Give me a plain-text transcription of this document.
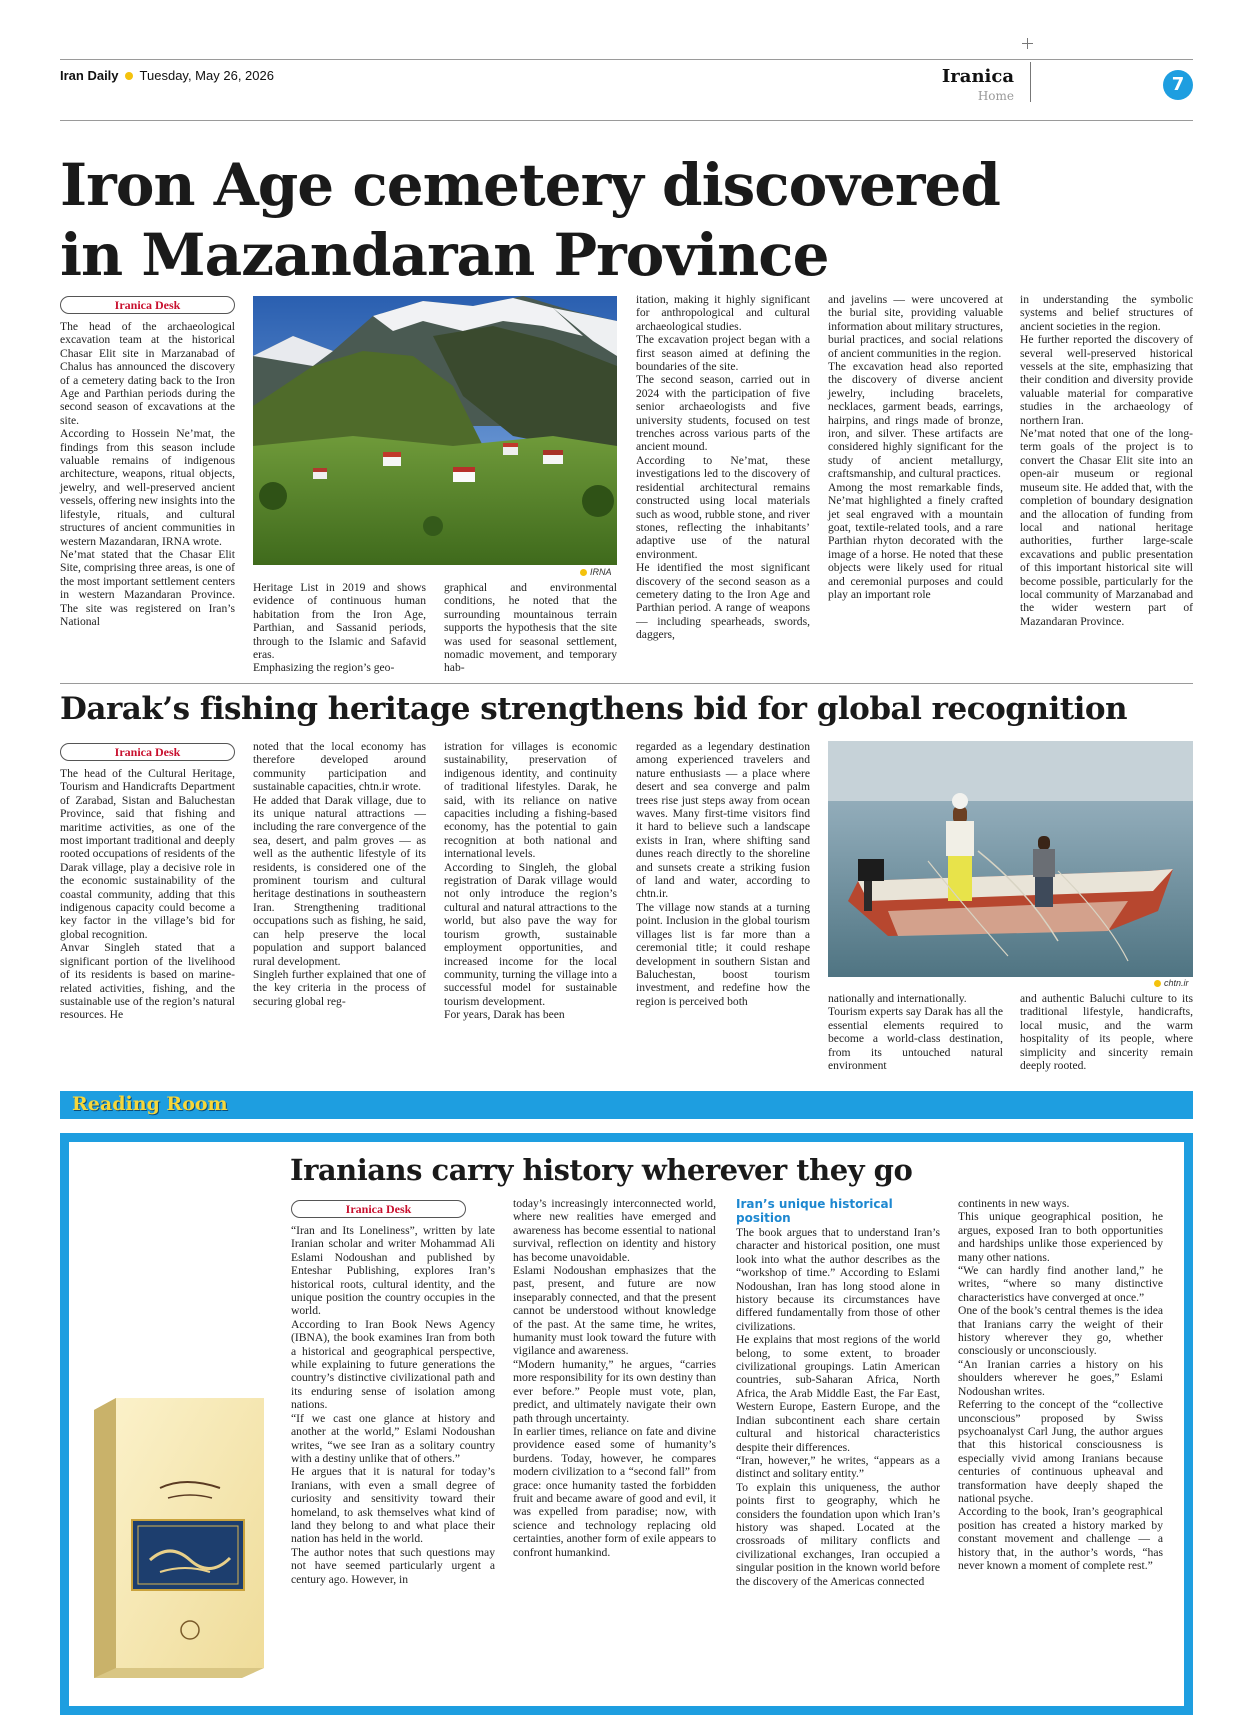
Iran Daily Tuesday, May 26, 2026	Iranica
Home
7
Iron Age cemetery discovered
in Mazandaran Province
Iranica Desk
The head of the archaeological excavation team at the historical Chasar Elit site in Marzanabad of Chalus has announced the discovery of a cemetery dating back to the Iron Age and Parthian periods during the second season of excavations at the site.
According to Hossein Ne’mat, the findings from this season include valuable remains of indigenous architecture, weapons, ritual objects, jewelry, and well-preserved ancient vessels, offering new insights into the lifestyle, rituals, and cultural structures of ancient communities in western Mazandaran, IRNA wrote.
Ne’mat stated that the Chasar Elit Site, comprising three areas, is one of the most important settlement centers in western Mazandaran Province. The site was registered on Iran’s National
IRNA
Heritage List in 2019 and shows evidence of continuous human habitation from the Iron Age, Parthian, and Sassanid periods, through to the Islamic and Safavid eras.
Emphasizing the region’s geo-
graphical and environmental conditions, he noted that the surrounding mountainous terrain supports the hypothesis that the site was used for seasonal settlement, nomadic movement, and temporary hab-
itation, making it highly significant for anthropological and cultural archaeological studies.
The excavation project began with a first season aimed at defining the boundaries of the site.
The second season, carried out in 2024 with the participation of five senior archaeologists and five university students, focused on test trenches across various parts of the ancient mound.
According to Ne’mat, these investigations led to the discovery of residential architectural remains constructed using local materials such as wood, rubble stone, and river stones, reflecting the inhabitants’ adaptive use of the natural environment.
He identified the most significant discovery of the second season as a cemetery dating to the Iron Age and Parthian period. A range of weapons — including spearheads, swords, daggers,
and javelins — were uncovered at the burial site, providing valuable information about military structures, burial practices, and social relations of ancient communities in the region.
The excavation head also reported the discovery of diverse ancient jewelry, including bracelets, necklaces, garment beads, earrings, hairpins, and rings made of bronze, iron, and silver. These artifacts are considered highly significant for the study of ancient metallurgy, craftsmanship, and cultural practices.
Among the most remarkable finds, Ne’mat highlighted a finely crafted jet seal engraved with a mountain goat, textile-related tools, and a rare Parthian rhyton decorated with the image of a horse. He noted that these objects were likely used for ritual and ceremonial purposes and could play an important role
in understanding the symbolic systems and belief structures of ancient societies in the region.
He further reported the discovery of several well-preserved historical vessels at the site, emphasizing that their condition and diversity provide valuable material for comparative studies in the archaeology of northern Iran.
Ne’mat noted that one of the long-term goals of the project is to convert the Chasar Elit site into an open-air museum or regional museum site. He added that, with the completion of boundary designation and the allocation of funding from local and national heritage authorities, further large-scale excavations and public presentation of this important historical site will become possible, particularly for the local community of Marzanabad and the wider western part of Mazandaran Province.
Darak’s fishing heritage strengthens bid for global recognition
Iranica Desk
The head of the Cultural Heritage, Tourism and Handicrafts Department of Zarabad, Sistan and Baluchestan Province, said that fishing and maritime activities, as one of the most important traditional and deeply rooted occupations of residents of the Darak village, play a decisive role in the economic sustainability of the coastal community, adding that this indigenous capacity could become a key factor in the village’s bid for global recognition.
Anvar Singleh stated that a significant portion of the livelihood of its residents is based on marine-related activities, fishing, and the sustainable use of the region’s natural resources. He
noted that the local economy has therefore developed around community participation and sustainable capacities, chtn.ir wrote.
He added that Darak village, due to its unique natural attractions — including the rare convergence of the sea, desert, and palm groves — as well as the authentic lifestyle of its residents, is considered one of the prominent tourism and cultural heritage destinations in southeastern Iran. Strengthening traditional occupations such as fishing, he said, can help preserve the local population and support balanced rural development.
Singleh further explained that one of the key criteria in the process of securing global reg-
istration for villages is economic sustainability, preservation of indigenous identity, and continuity of traditional lifestyles. Darak, he said, with its reliance on native capacities including a fishing-based economy, has the potential to gain recognition at both national and international levels.
According to Singleh, the global registration of Darak village would not only introduce the region’s cultural and natural attractions to the world, but also pave the way for tourism growth, sustainable employment opportunities, and increased income for the local community, turning the village into a successful model for sustainable tourism development.
For years, Darak has been
regarded as a legendary destination among experienced travelers and nature enthusiasts — a place where desert and sea converge and palm trees rise just steps away from ocean waves. Many first-time visitors find it hard to believe such a landscape exists in Iran, where shifting sand dunes reach directly to the shoreline and sunsets create a striking fusion of land and water, according to chtn.ir.
The village now stands at a turning point. Inclusion in the global tourism villages list is far more than a ceremonial title; it could reshape development in southern Sistan and Baluchestan, boost tourism investment, and redefine how the region is perceived both
chtn.ir
nationally and internationally.
Tourism experts say Darak has all the essential elements required to become a world-class destination, from its untouched natural environment
and authentic Baluchi culture to its traditional lifestyle, handicrafts, local music, and the warm hospitality of its people, where simplicity and sincerity remain deeply rooted.
Reading Room
Iranians carry history wherever they go
Iranica Desk
“Iran and Its Loneliness”, written by late Iranian scholar and writer Mohammad Ali Eslami Nodoushan and published by Enteshar Publishing, explores Iran’s historical roots, cultural identity, and the unique position the country occupies in the world.
According to Iran Book News Agency (IBNA), the book examines Iran from both a historical and geographical perspective, while explaining to future generations the country’s distinctive civilizational path and its enduring sense of isolation among nations.
“If we cast one glance at history and another at the world,” Eslami Nodoushan writes, “we see Iran as a solitary country with a destiny unlike that of others.”
He argues that it is natural for today’s Iranians, with even a small degree of curiosity and sensitivity toward their homeland, to ask themselves what kind of land they belong to and what place their nation has held in the world.
The author notes that such questions may not have seemed particularly urgent a century ago. However, in
today’s increasingly interconnected world, where new realities have emerged and awareness has become essential to national survival, reflection on identity and history has become unavoidable.
Eslami Nodoushan emphasizes that the past, present, and future are now inseparably connected, and that the present cannot be understood without knowledge of the past. At the same time, he writes, humanity must look toward the future with vigilance and awareness.
“Modern humanity,” he argues, “carries more responsibility for its own destiny than ever before.” People must vote, plan, predict, and ultimately navigate their own path through uncertainty.
In earlier times, reliance on fate and divine providence eased some of humanity’s burdens. Today, however, he compares modern civilization to a “second fall” from grace: once humanity tasted the forbidden fruit and became aware of good and evil, it was expelled from paradise; now, with science and technology replacing old certainties, another form of exile appears to confront humankind.
Iran’s unique historical position
The book argues that to understand Iran’s character and historical position, one must look into what the author describes as the “workshop of time.” According to Eslami Nodoushan, Iran has long stood alone in history because its circumstances have differed fundamentally from those of other civilizations.
He explains that most regions of the world belong, to some extent, to broader civilizational groupings. Latin American countries, sub-Saharan Africa, North Africa, the Arab Middle East, the Far East, Western Europe, Eastern Europe, and the Indian subcontinent each share certain cultural and historical characteristics despite their differences.
“Iran, however,” he writes, “appears as a distinct and solitary entity.”
To explain this uniqueness, the author points first to geography, which he considers the foundation upon which Iran’s history was shaped. Located at the crossroads of military conflicts and civilizational exchanges, Iran occupied a singular position in the known world before the discovery of the Americas connected
continents in new ways.
This unique geographical position, he argues, exposed Iran to both opportunities and hardships unlike those experienced by many other nations.
“We can hardly find another land,” he writes, “where so many distinctive characteristics have converged at once.”
One of the book’s central themes is the idea that Iranians carry the weight of their history wherever they go, whether consciously or unconsciously.
“An Iranian carries a history on his shoulders wherever he goes,” Eslami Nodoushan writes.
Referring to the concept of the “collective unconscious” proposed by Swiss psychoanalyst Carl Jung, the author argues that this historical consciousness is especially vivid among Iranians because centuries of continuous upheaval and transformation have deeply shaped the national psyche.
According to the book, Iran’s geographical position has created a history marked by constant movement and challenge — a history that, in the author’s words, “has never known a moment of complete rest.”
